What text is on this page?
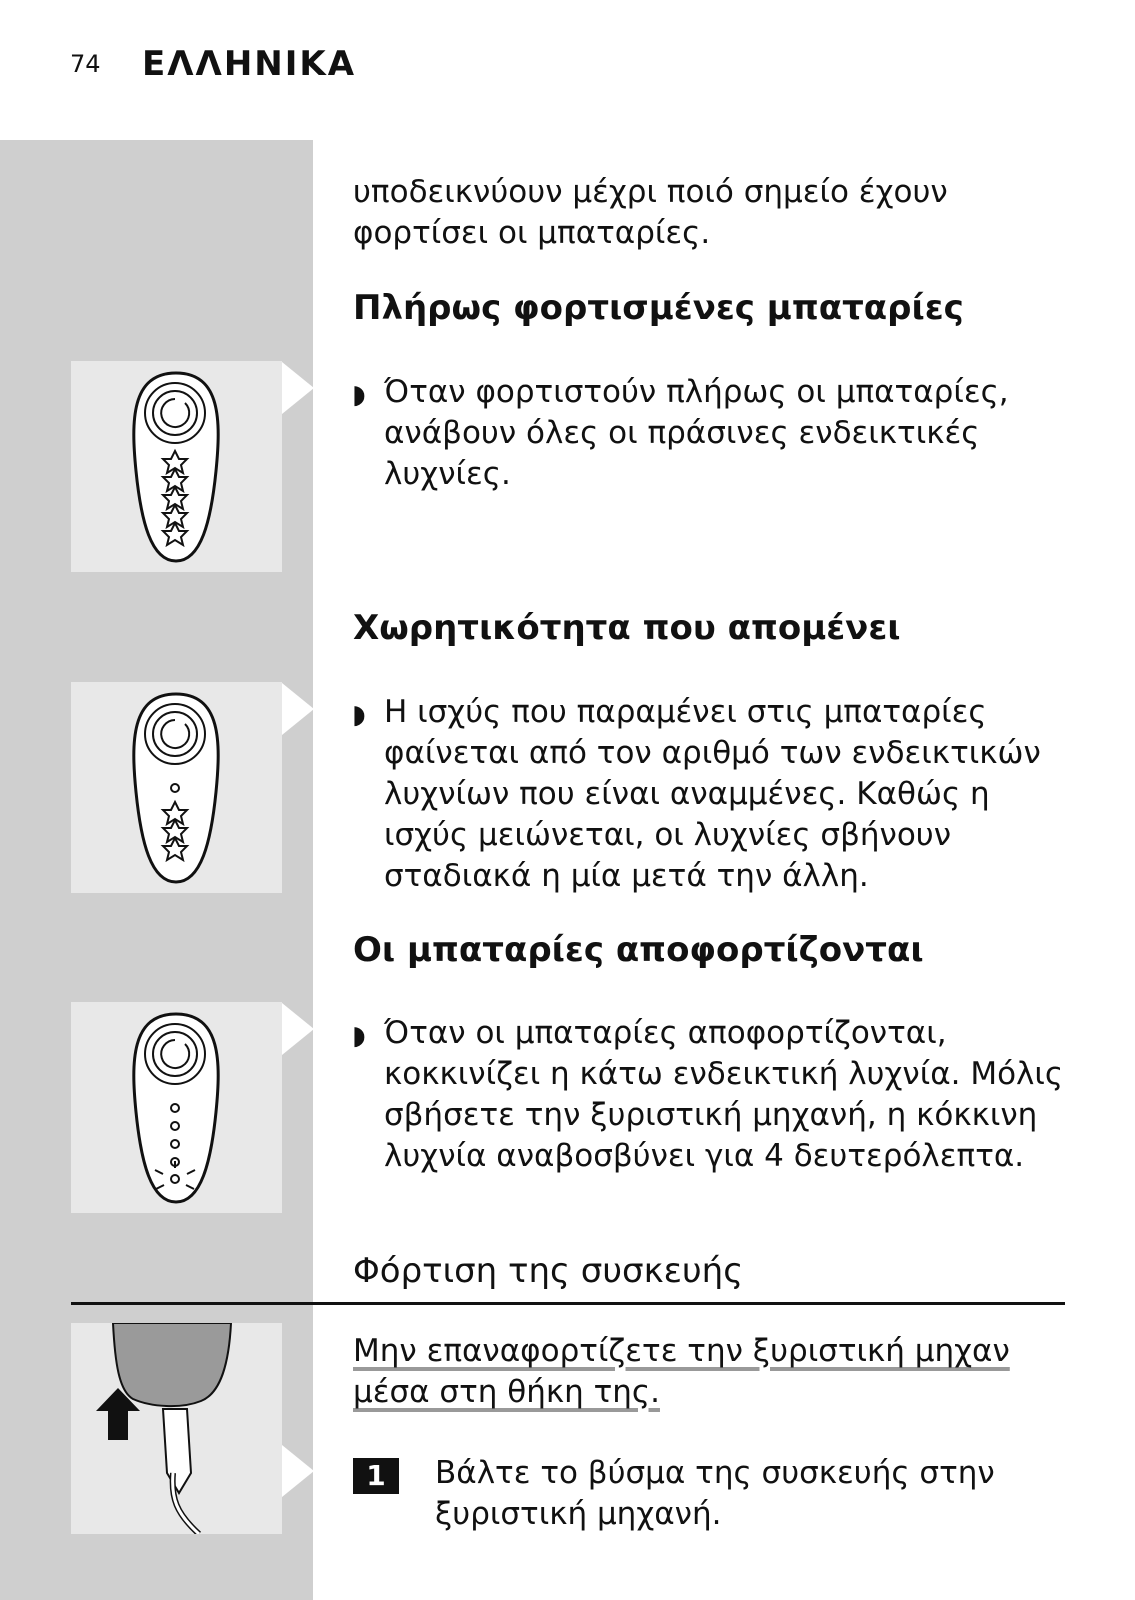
74 ΕΛΛΗΝΙΚΑ
υποδεικνύουν μέχρι ποιό σημείο έχουν
φορτίσει οι μπαταρίες.
Πλήρως φορτισμένες μπαταρίες
◗ Όταν φορτιστούν πλήρως οι μπαταρίες,
ανάβουν όλες οι πράσινες ενδεικτικές
λυχνίες.
Χωρητικότητα που απομένει
◗ Η ισχύς που παραμένει στις μπαταρίες
φαίνεται από τον αριθμό των ενδεικτικών
λυχνίων που είναι αναμμένες. Καθώς η
ισχύς μειώνεται, οι λυχνίες σβήνουν
σταδιακά η μία μετά την άλλη.
Οι μπαταρίες αποφορτίζονται
◗ Όταν οι μπαταρίες αποφορτίζονται,
κοκκινίζει η κάτω ενδεικτική λυχνία. Μόλις
σβήσετε την ξυριστική μηχανή, η κόκκινη
λυχνία αναβοσβύνει για 4 δευτερόλεπτα.
Φόρτιση της συσκευής
Μην επαναφορτίζετε την ξυριστική μηχαν
μέσα στη θήκη της.
1	Βάλτε το βύσμα της συσκευής στην
ξυριστική μηχανή.
